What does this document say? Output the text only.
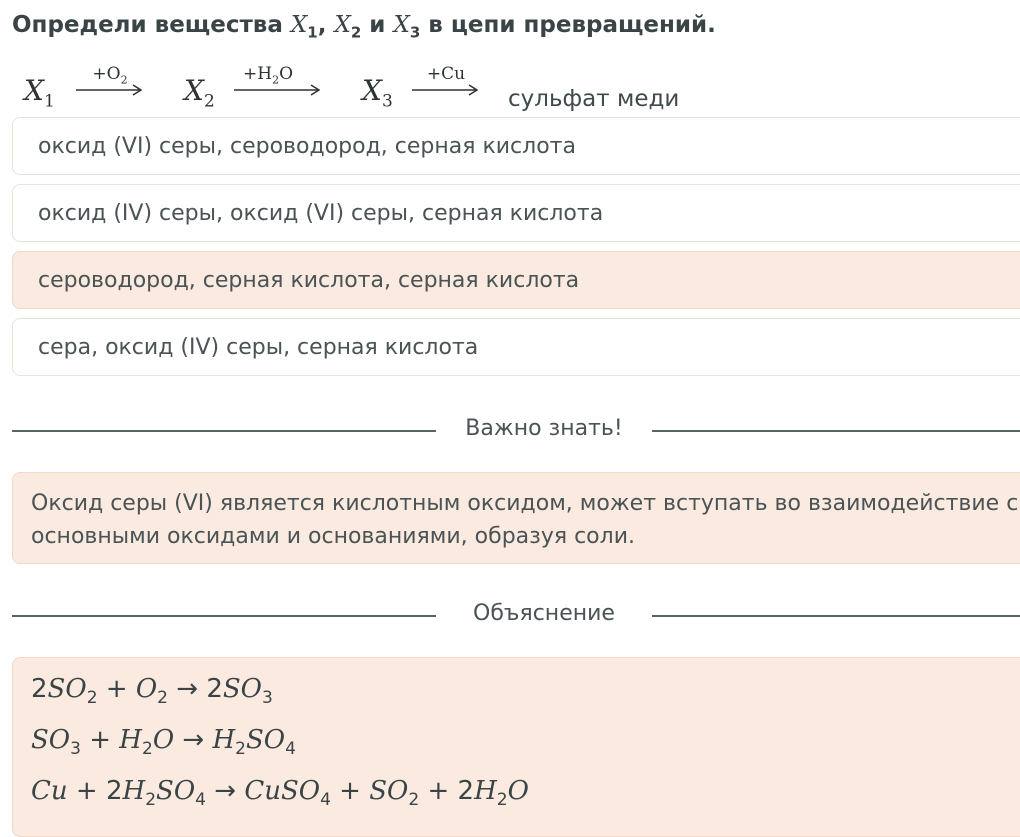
Определи вещества
$X_1$ ,
$X_2$
и
$X_3$
в цепи превращений.
$X_1$
$+O_2$	$X_2$
$+H_2O$	$X_3$
+Cu
сульфат меди
оксид (VI) серы, сероводород, серная кислота
оксид (IV) серы, оксид (VI) серы, серная кислота
сероводород, серная кислота, серная кислота
сера, оксид (IV) серы, серная кислота
Важно знать!
Оксид серы (VI) является кислотным оксидом, может вступать во взаимодействие с основными оксидами и основаниями, образуя соли.
Объяснение
$2SO_2 + O_2 \to 2SO_3$
$SO_3 + H_2O \to H_2SO_4$
$Cu + 2H_2SO_4$ → CuSO$_4$ + $SO_2 + 2H_2O$
